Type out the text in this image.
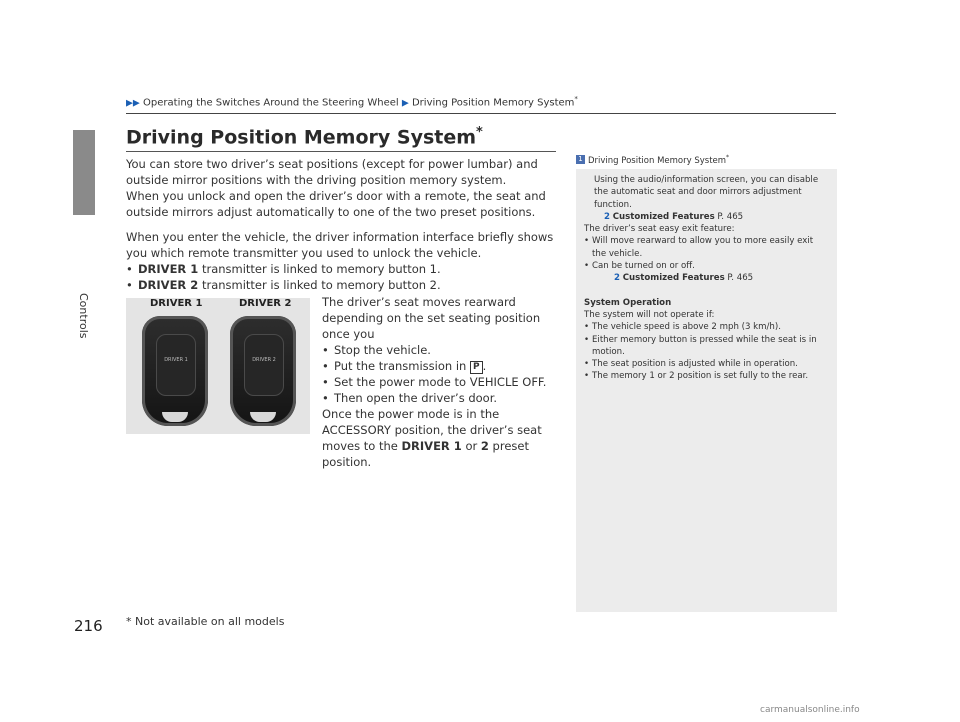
Controls
▶▶ Operating the Switches Around the Steering Wheel ▶ Driving Position Memory System*
Driving Position Memory System*

You can store two driver’s seat positions (except for power lumbar) and outside mirror positions with the driving position memory system.

When you unlock and open the driver’s door with a remote, the seat and outside mirrors adjust automatically to one of the two preset positions.

When you enter the vehicle, the driver information interface briefly shows you which remote transmitter you used to unlock the vehicle.

• DRIVER 1 transmitter is linked to memory button 1.
• DRIVER 2 transmitter is linked to memory button 2.
DRIVER 1	DRIVER 2
DRIVER 1	DRIVER 2

The driver’s seat moves rearward depending on the set seating position once you

• Stop the vehicle.
• Put the transmission in P .
• Set the power mode to VEHICLE OFF.
• Then open the driver’s door.

Once the power mode is in the ACCESSORY position, the driver’s seat moves to the DRIVER 1 or 2 preset position.

1 Driving Position Memory System*

Using the audio/information screen, you can disable the automatic seat and door mirrors adjustment function.

2 Customized Features P. 465

The driver’s seat easy exit feature:

• Will move rearward to allow you to more easily exit the vehicle.
• Can be turned on or off.

2 Customized Features P. 465

System Operation

The system will not operate if:

• The vehicle speed is above 2 mph (3 km/h).
• Either memory button is pressed while the seat is in motion.
• The seat position is adjusted while in operation.
• The memory 1 or 2 position is set fully to the rear.
216 * Not available on all models
carmanualsonline.info
